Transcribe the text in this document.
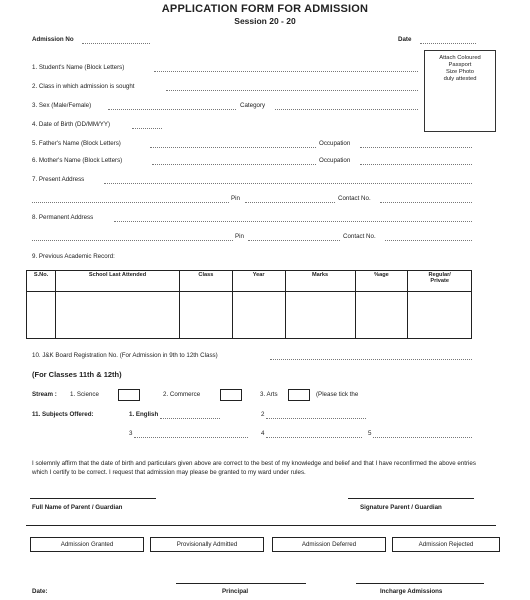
APPLICATION FORM FOR ADMISSION
Session 20 - 20
Admission No	Date
Attach Coloured
Passport
Size Photo
duly attested
1. Student's Name (Block Letters)
2. Class in which admission is sought
3. Sex (Male/Female)	Category
4. Date of Birth (DD/MM/YY)
5. Father's Name (Block Letters)	Occupation
6. Mother's Name (Block Letters)	Occupation
7. Present Address
Pin	Contact No.
8. Permanent Address
Pin	Contact No.
9. Previous Academic Record:
S.No.	School Last Attended	Class	Year	Marks	%age	Regular/
Private

10. J&K Board Registration No. (For Admission in 9th to 12th Class)
(For Classes 11th & 12th)
Stream : 1. Science	2. Commerce	3. Arts	(Please tick the
11. Subjects Offered:	1. English	2
3	4	5
I solemnly affirm that the date of birth and particulars given above are correct to the best of my knowledge and belief and that I have reconfirmed the above entries which I certify to be correct. I request that admission may please be granted to my ward under rules.
Full Name of Parent / Guardian	Signature Parent / Guardian
Admission Granted	Provisionally Admitted	Admission Deferred	Admission Rejected
Date:	Principal	Incharge Admissions
